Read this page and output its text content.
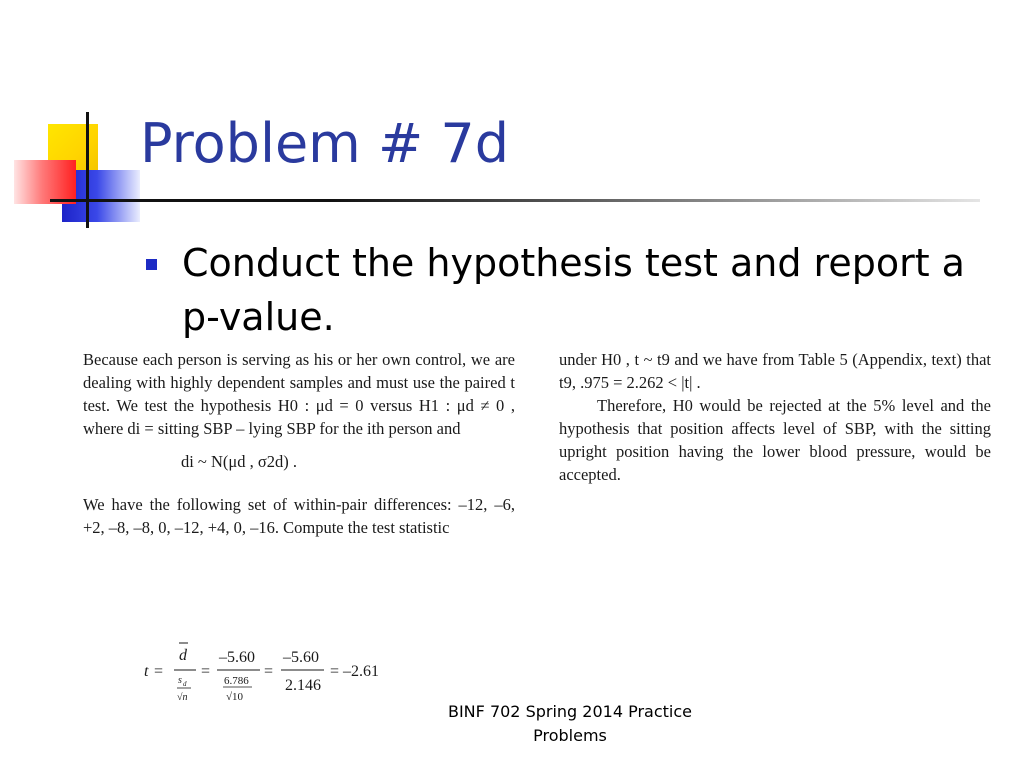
Problem # 7d
Conduct the hypothesis test and report a p-value.
Because each person is serving as his or her own control, we are dealing with highly dependent samples and must use the paired t test. We test the hypothesis H0 : μd = 0 versus H1 : μd ≠ 0 , where di = sitting SBP – lying SBP for the ith person and
di ~ N(μd , σ2d) .
We have the following set of within-pair differences: –12, –6, +2, –8, –8, 0, –12, +4, 0, –16. Compute the test statistic
t =
d
s d
√n
=
–5.60
6.786
√10
=
–5.60
2.146
= –2.61
under H0 , t ~ t9 and we have from Table 5 (Appendix, text) that t9, .975 = 2.262 < |t| .
Therefore, H0 would be rejected at the 5% level and the hypothesis that position affects level of SBP, with the sitting upright position having the lower blood pressure, would be accepted.
BINF 702 Spring 2014 Practice
Problems
